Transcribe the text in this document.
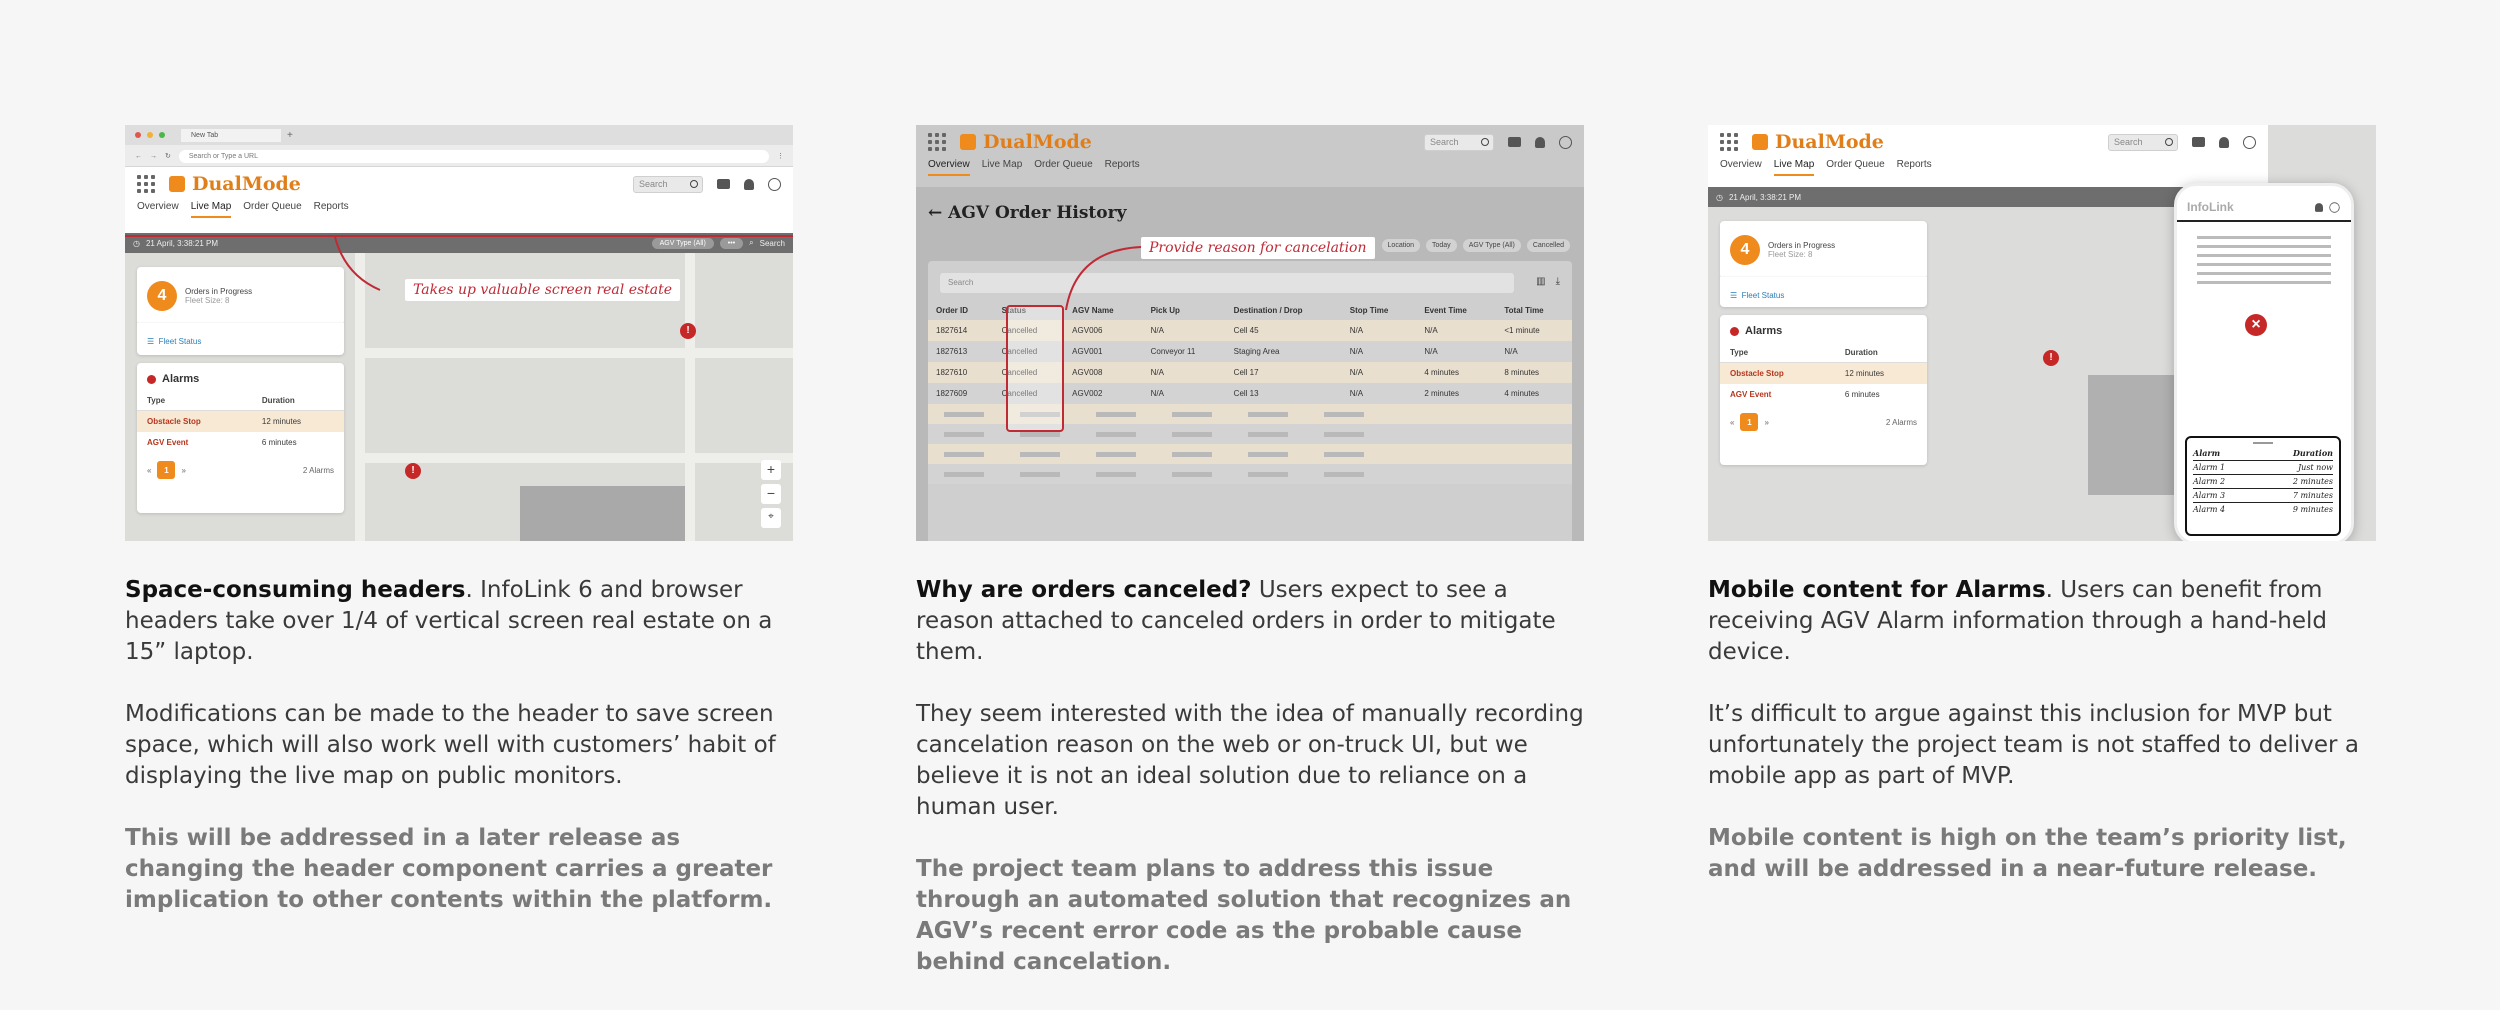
New Tab	+
← → ↻	Search or Type a URL	⋮
DualMode	Search
Overview Live Map Order Queue Reports
◷ 21 April, 3:38:21 PM	AGV Type (All)	•••	⌕ Search
!
!	+
−
⌖
4	Orders in Progress
Fleet Size: 8
☰ Fleet Status
Alarms
Type	Duration
Obstacle Stop	12 minutes
AGV Event	6 minutes
«	1	»	2 Alarms
Takes up valuable screen real estate
DualMode	Search
Overview Live Map Order Queue Reports
← AGV Order History
Location	Today	AGV Type (All)	Cancelled
Search	▥ ⤓
Order ID	Status	AGV Name	Pick Up	Destination / Drop	Stop Time	Event Time	Total Time
1827614	Cancelled	AGV006	N/A	Cell 45	N/A	N/A	<1 minute
1827613	Cancelled	AGV001	Conveyor 11	Staging Area	N/A	N/A	N/A
1827610	Cancelled	AGV008	N/A	Cell 17	N/A	4 minutes	8 minutes
1827609	Cancelled	AGV002	N/A	Cell 13	N/A	2 minutes	4 minutes
Provide reason for cancelation
DualMode	Search
Overview Live Map Order Queue Reports
◷ 21 April, 3:38:21 PM
!
4	Orders in Progress
Fleet Size: 8
☰ Fleet Status
Alarms
Type	Duration
Obstacle Stop	12 minutes
AGV Event	6 minutes
«	1	»	2 Alarms
InfoLink
×
Alarm	Duration
Alarm 1	Just now
Alarm 2	2 minutes
Alarm 3	7 minutes
Alarm 4	9 minutes

Space-consuming headers. InfoLink 6 and browser headers take over 1/4 of vertical screen real estate on a 15” laptop.

Modifications can be made to the header to save screen space, which will also work well with customers’ habit of displaying the live map on public monitors.

This will be addressed in a later release as changing the header component carries a greater implication to other contents within the platform.

Why are orders canceled? Users expect to see a reason attached to canceled orders in order to mitigate them.

They seem interested with the idea of manually recording cancelation reason on the web or on-truck UI, but we believe it is not an ideal solution due to reliance on a human user.

The project team plans to address this issue through an automated solution that recognizes an AGV’s recent error code as the probable cause behind cancelation.

Mobile content for Alarms. Users can benefit from receiving AGV Alarm information through a hand-held device.

It’s difficult to argue against this inclusion for MVP but unfortunately the project team is not staffed to deliver a mobile app as part of MVP.

Mobile content is high on the team’s priority list, and will be addressed in a near-future release.
